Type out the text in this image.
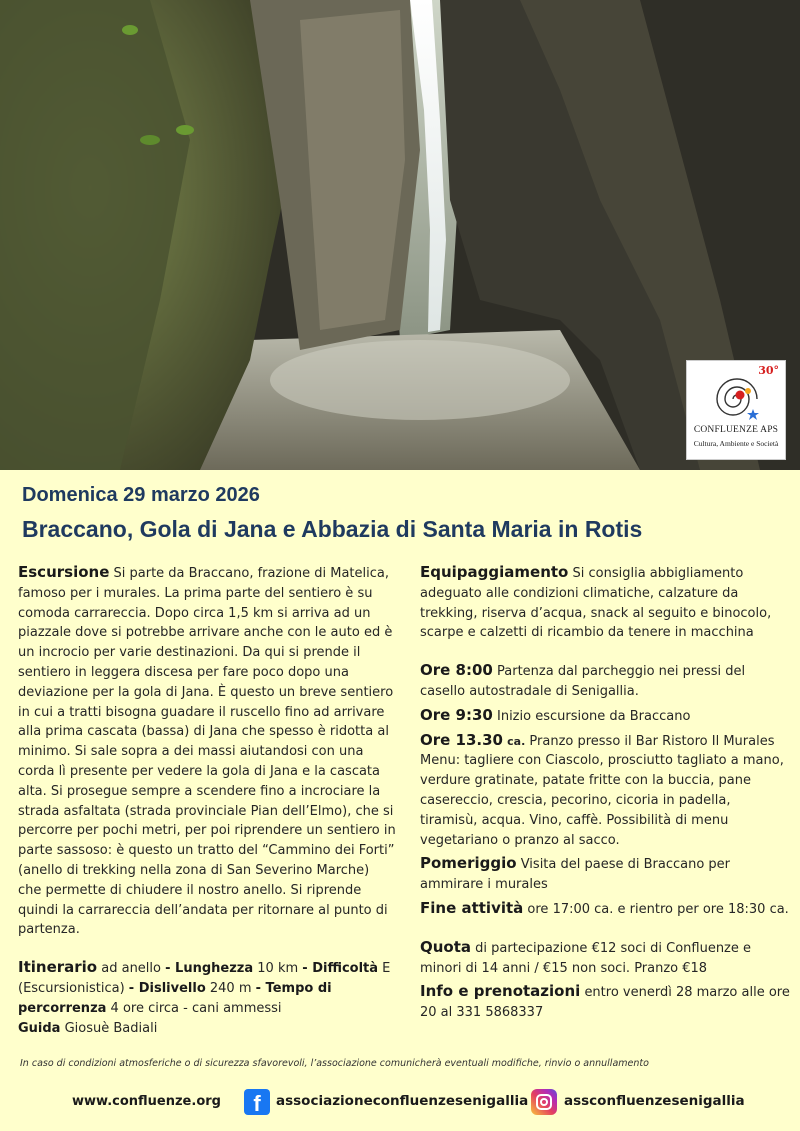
30°
CONFLUENZE APS
Cultura, Ambiente e Società
Domenica 29 marzo 2026
Braccano, Gola di Jana e Abbazia di Santa Maria in Rotis

Escursione Si parte da Braccano, frazione di Matelica, famoso per i murales. La prima parte del sentiero è su comoda carrareccia. Dopo circa 1,5 km si arriva ad un piazzale dove si potrebbe arrivare anche con le auto ed è un incrocio per varie destinazioni. Da qui si prende il sentiero in leggera discesa per fare poco dopo una deviazione per la gola di Jana. È questo un breve sentiero in cui a tratti bisogna guadare il ruscello fino ad arrivare alla prima cascata (bassa) di Jana che spesso è ridotta al minimo. Si sale sopra a dei massi aiutandosi con una corda lì presente per vedere la gola di Jana e la cascata alta. Si prosegue sempre a scendere fino a incrociare la strada asfaltata (strada provinciale Pian dell’Elmo), che si percorre per pochi metri, per poi riprendere un sentiero in parte sassoso: è questo un tratto del “Cammino dei Forti” (anello di trekking nella zona di San Severino Marche) che permette di chiudere il nostro anello. Si riprende quindi la carrareccia dell’andata per ritornare al punto di partenza.

Itinerario ad anello - Lunghezza 10 km - Difficoltà E (Escursionistica) - Dislivello 240 m - Tempo di percorrenza 4 ore circa - cani ammessi

Guida Giosuè Badiali

Equipaggiamento Si consiglia abbigliamento adeguato alle condizioni climatiche, calzature da trekking, riserva d’acqua, snack al seguito e binocolo, scarpe e calzetti di ricambio da tenere in macchina

Ore 8:00 Partenza dal parcheggio nei pressi del casello autostradale di Senigallia.

Ore 9:30 Inizio escursione da Braccano

Ore 13.30 ca. Pranzo presso il Bar Ristoro Il Murales Menu: tagliere con Ciascolo, prosciutto tagliato a mano, verdure gratinate, patate fritte con la buccia, pane casereccio, crescia, pecorino, cicoria in padella, tiramisù, acqua. Vino, caffè. Possibilità di menu vegetariano o pranzo al sacco.

Pomeriggio Visita del paese di Braccano per ammirare i murales

Fine attività ore 17:00 ca. e rientro per ore 18:30 ca.

Quota di partecipazione €12 soci di Confluenze e minori di 14 anni / €15 non soci. Pranzo €18

Info e prenotazioni entro venerdì 28 marzo alle ore 20 al 331 5868337

In caso di condizioni atmosferiche o di sicurezza sfavorevoli, l’associazione comunicherà eventuali modifiche, rinvio o annullamento
www.confluenze.org	f	associazioneconfluenzesenigallia	assconfluenzesenigallia
